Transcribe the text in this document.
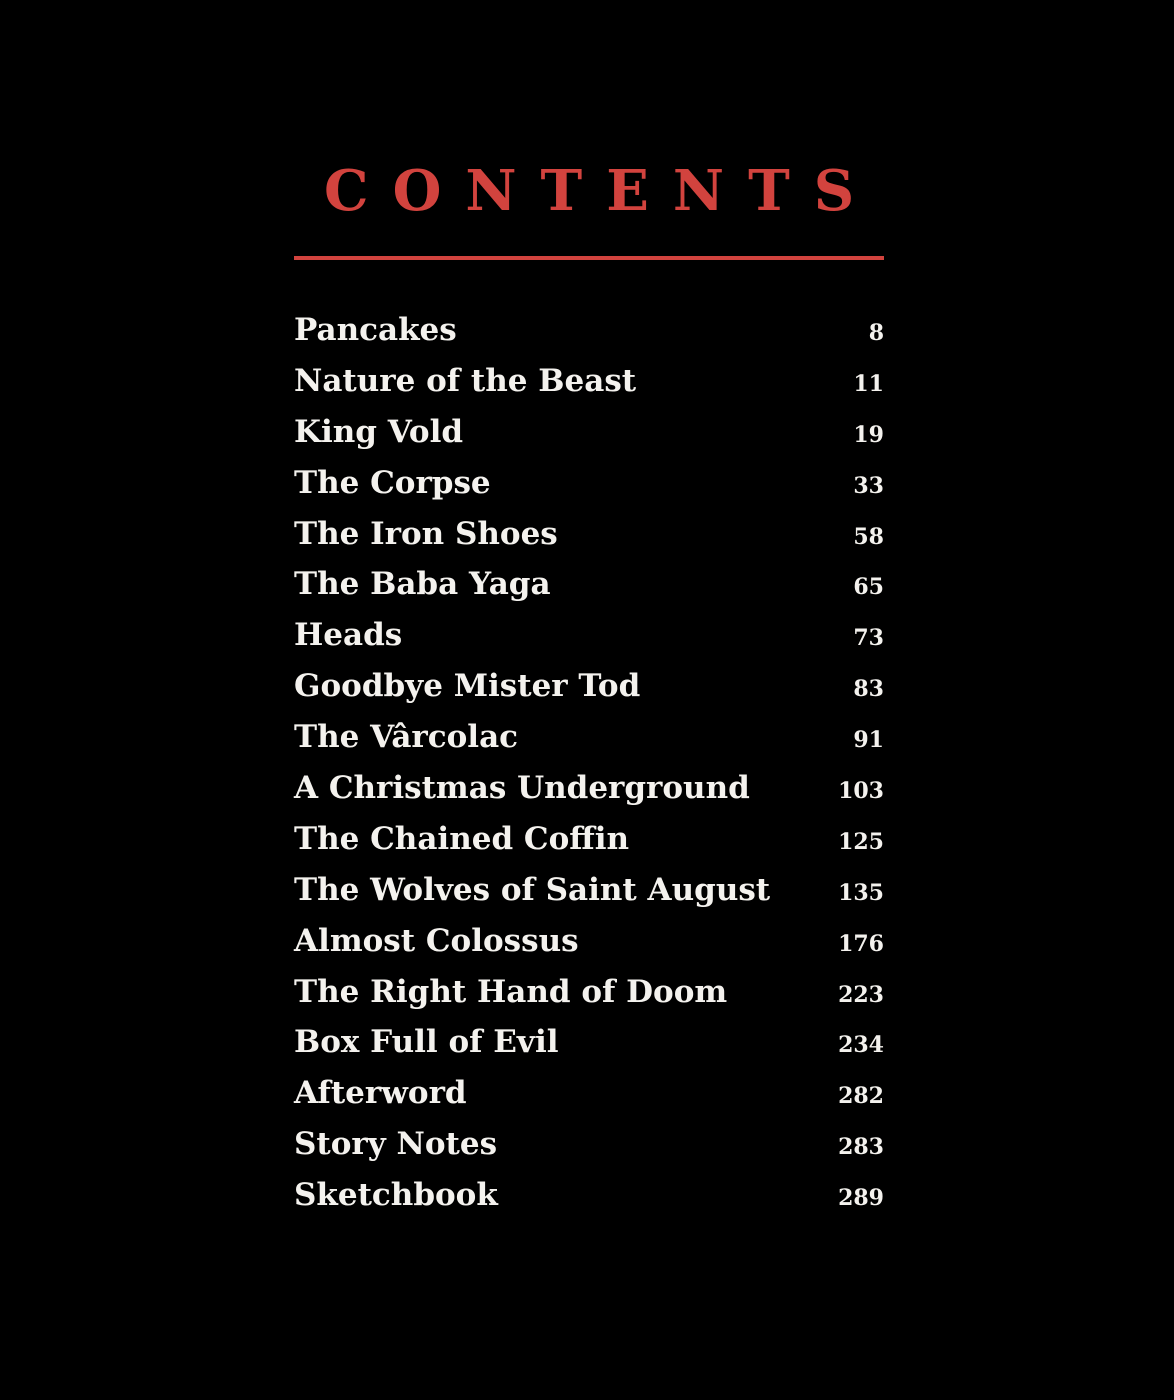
CONTENTS
Pancakes	8
Nature of the Beast	11
King Vold	19
The Corpse	33
The Iron Shoes	58
The Baba Yaga	65
Heads	73
Goodbye Mister Tod	83
The Vârcolac	91
A Christmas Underground	103
The Chained Coffin	125
The Wolves of Saint August	135
Almost Colossus	176
The Right Hand of Doom	223
Box Full of Evil	234
Afterword	282
Story Notes	283
Sketchbook	289
